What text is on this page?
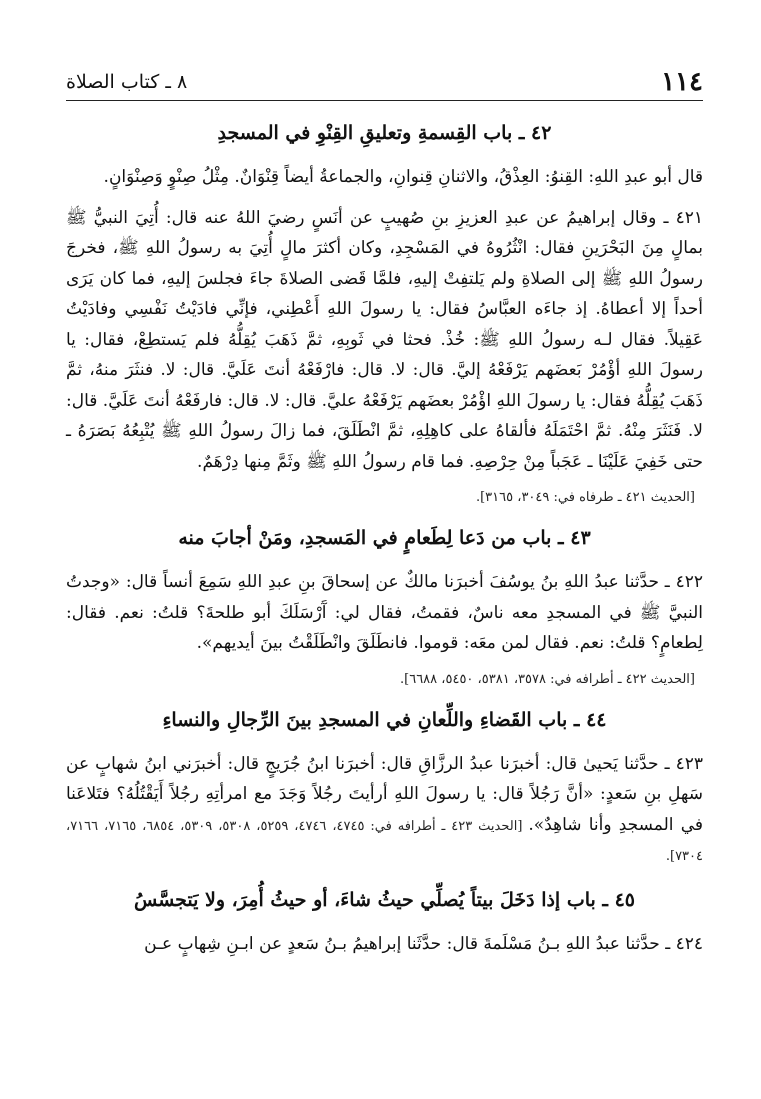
١١٤
٨ ـ كتاب الصلاة
٤٢ ـ باب القِسمةِ وتعليقِ القِنْوِ في المسجدِ

قال أبو عبدِ اللهِ: القِنوُ: العِذْقُ، والاثنانِ قِنوانِ، والجماعةُ أيضاً قِنْوَانٌ. مِثْلُ صِنْوٍ وَصِنْوَانٍ.

٤٢١ ـ وقال إبراهيمُ عن عبدِ العزيزِ بنِ صُهيبٍ عن أنَسٍ رضيَ اللهُ عنه قال: أُتِيَ النبيُّ ﷺ بمالٍ مِنَ البَحْرَينِ فقال: انْثُرُوهُ في المَسْجِدِ، وكان أكثرَ مالٍ أُتِيَ به رسولُ اللهِ ﷺ، فخرجَ رسولُ اللهِ ﷺ إلى الصلاةِ ولم يَلتفِتْ إليهِ، فلمَّا قَضى الصلاةَ جاءَ فجلسَ إليهِ، فما كان يَرَى أحداً إلا أعطاهُ. إذ جاءَه العبَّاسُ فقال: يا رسولَ اللهِ أَعْطِني، فإنِّي فادَيْتُ نَفْسِي وفادَيْتُ عَقِيلاً. فقال لـه رسولُ اللهِ ﷺ: خُذْ. فحثا في ثَوبِهِ، ثمَّ ذَهَبَ يُقِلُّهُ فلم يَستطِعْ، فقال: يا رسولَ اللهِ أؤْمُرْ بَعضَهم يَرْفَعْهُ إليَّ. قال: لا. قال: فارْفَعْهُ أنتَ عَلَيَّ. قال: لا. فنثَرَ منهُ، ثمَّ ذَهَبَ يُقِلُّهُ فقال: يا رسولَ اللهِ اؤْمُرْ بعضَهم يَرْفَعْهُ عليَّ. قال: لا. قال: فارفَعْهُ أنتَ عَلَيَّ. قال: لا. فَنَثَرَ مِنْهُ. ثمَّ احْتَمَلَهُ فألقاهُ على كاهِلِهِ، ثمَّ انْطَلَقَ، فما زالَ رسولُ اللهِ ﷺ يُتْبِعُهُ بَصَرَهُ ـ حتى خَفِيَ عَلَيْنَا ـ عَجَباً مِنْ حِرْصِهِ. فما قام رسولُ اللهِ ﷺ وثَمَّ مِنها دِرْهَمٌ.

[الحديث ٤٢١ ـ طرفاه في: ٣٠٤٩، ٣١٦٥].
٤٣ ـ باب من دَعا لِطَعامٍ في المَسجدِ، ومَنْ أجابَ منه

٤٢٢ ـ حدَّثنا عبدُ اللهِ بنُ يوسُفَ أخبرَنا مالكٌ عن إسحاقَ بنِ عبدِ اللهِ سَمِعَ أنساً قال: «وجدتُ النبيَّ ﷺ في المسجدِ معه ناسٌ، فقمتُ، فقال لي: آَرْسَلَكَ أبو طلحةَ؟ قلتُ: نعم. فقال: لِطعامٍ؟ قلتُ: نعم. فقال لمن معَه: قوموا. فانطَلَقَ وانْطَلَقْتُ بينَ أيديهم».

[الحديث ٤٢٢ ـ أطرافه في: ٣٥٧٨، ٥٣٨١، ٥٤٥٠، ٦٦٨٨].
٤٤ ـ باب القَضاءِ واللِّعانِ في المسجدِ بينَ الرِّجالِ والنساءِ

٤٢٣ ـ حدَّثنا يَحيىٰ قال: أخبرَنا عبدُ الرزَّاقِ قال: أخبرَنا ابنُ جُرَيجٍ قال: أخبرَني ابنُ شهابٍ عن سَهلِ بنِ سَعدٍ: «أنَّ رَجُلاً قال: يا رسولَ اللهِ أرأيتَ رجُلاً وَجَدَ مع امرأتِهِ رجُلاً أَيَقْتُلُهُ؟ فتَلاعَنا في المسجدِ وأنا شاهِدٌ».[الحديث ٤٢٣ ـ أطرافه في: ٤٧٤٥، ٤٧٤٦، ٥٢٥٩، ٥٣٠٨، ٥٣٠٩، ٦٨٥٤، ٧١٦٥، ٧١٦٦، ٧٣٠٤].

٤٥ ـ باب إذا دَخَلَ بيتاً يُصلِّي حيثُ شاءَ، أو حيثُ أُمِرَ، ولا يَتجسَّسُ

٤٢٤ ـ حدَّثنا عبدُ اللهِ بـنُ مَسْلَمةَ قال: حدَّثَنا إبراهيمُ بـنُ سَعدٍ عن ابـنِ شِهابٍ عـن
